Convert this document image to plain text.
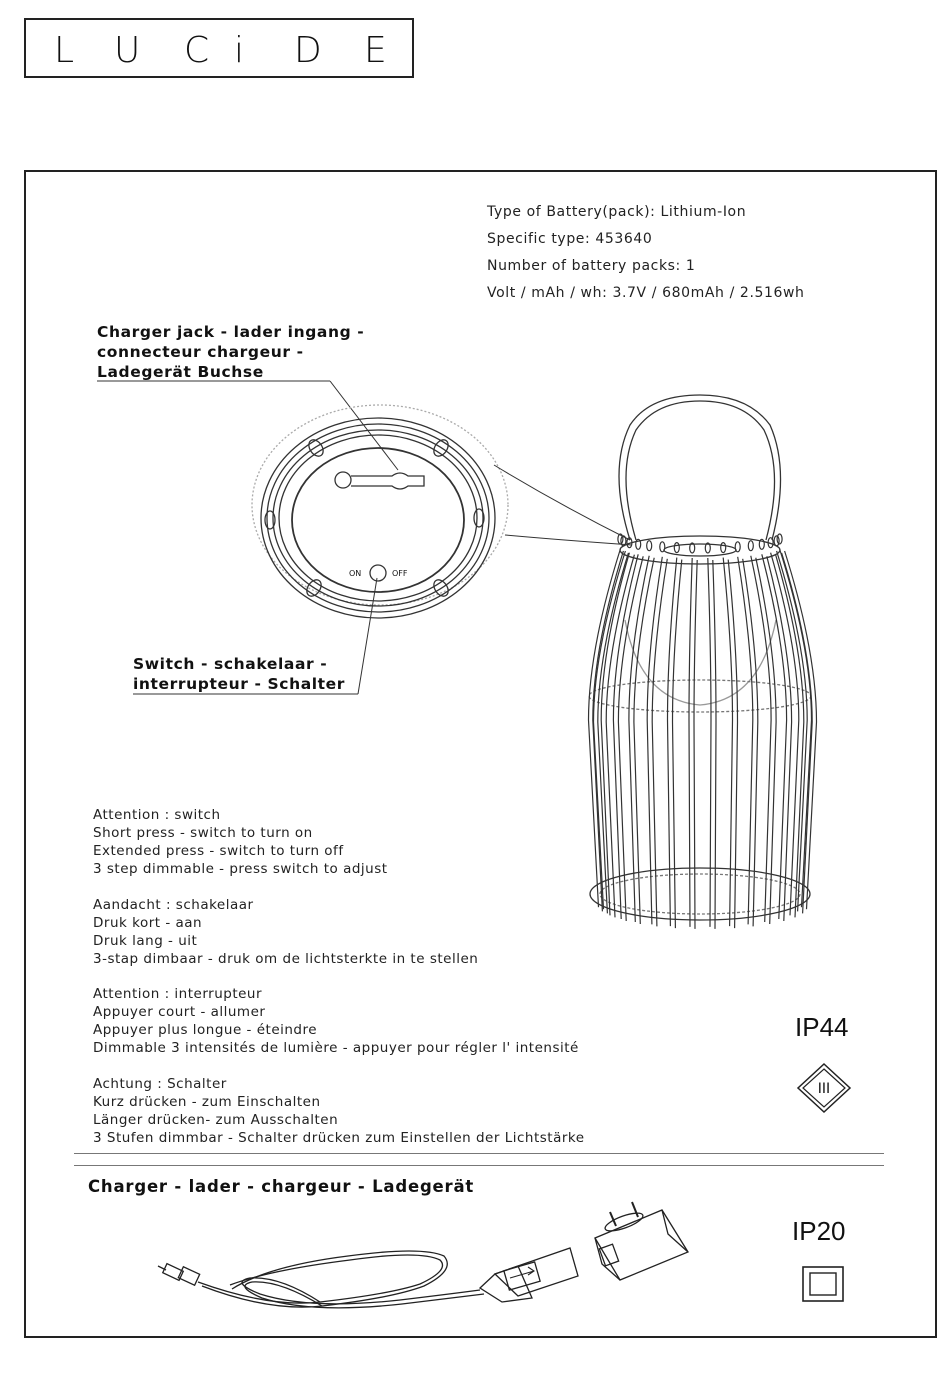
L U C i D E
Type of Battery(pack): Lithium-Ion
Specific type: 453640
Number of battery packs: 1
Volt / mAh / wh: 3.7V / 680mAh / 2.516wh
Charger jack - lader ingang -
connecteur chargeur -
Ladegerät Buchse
Switch - schakelaar -
interrupteur - Schalter
ON	OFF
Attention : switch
Short press - switch to turn on
Extended press - switch to turn off
3 step dimmable - press switch to adjust
Aandacht : schakelaar
Druk kort - aan
Druk lang - uit
3-stap dimbaar - druk om de lichtsterkte in te stellen
Attention : interrupteur
Appuyer court - allumer
Appuyer plus longue - éteindre
Dimmable 3 intensités de lumière - appuyer pour régler l' intensité
Achtung : Schalter
Kurz drücken - zum Einschalten
Länger drücken- zum Ausschalten
3 Stufen dimmbar - Schalter drücken zum Einstellen der Lichtstärke
IP44
III
Charger - lader - chargeur - Ladegerät
IP20
